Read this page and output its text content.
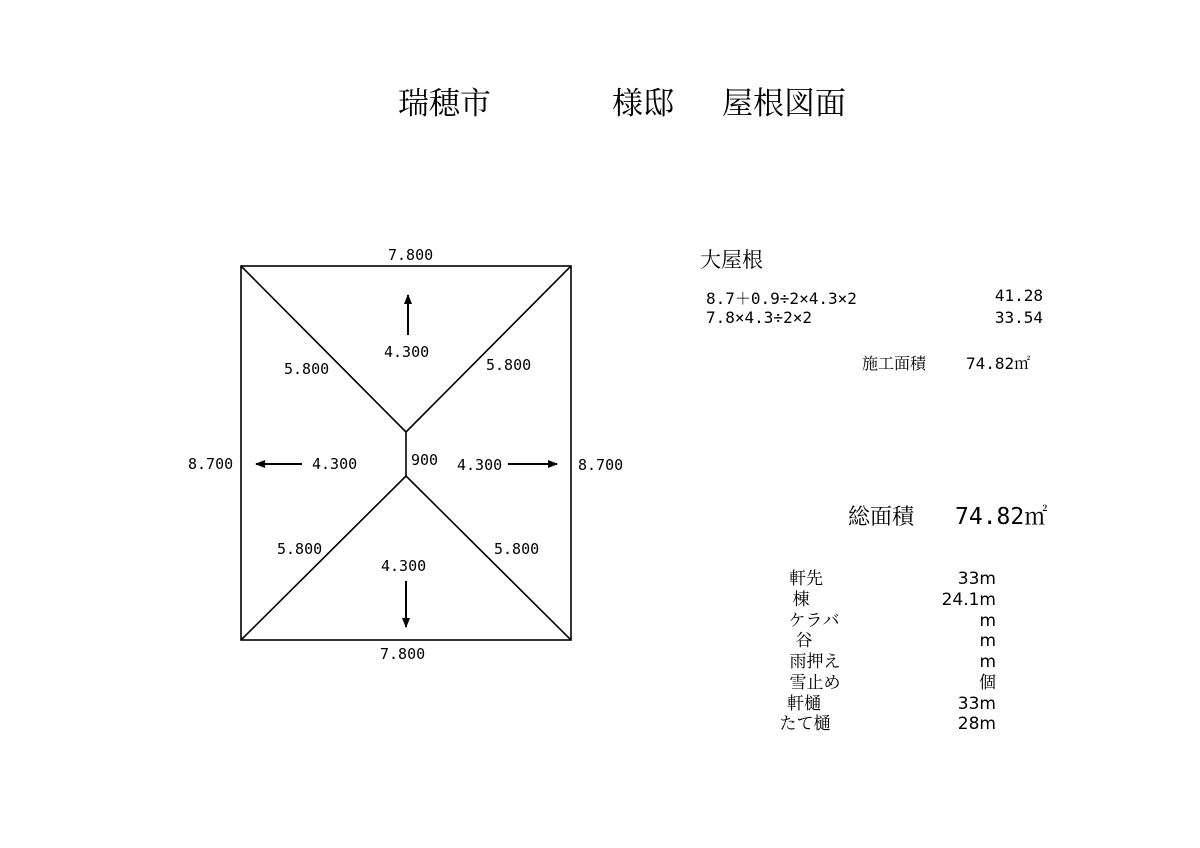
瑞穂市	様邸 屋根図面
7.800
7.800
8.700	8.700
900
5.800	5.800
5.800	5.800
4.300
4.300
4.300	4.300
大屋根
8.7＋0.9÷2×4.3×2	41.28
7.8×4.3÷2×2	33.54
施工面積 74.82㎡
総面積 74.82㎡
軒先	33m
棟	24.1m
ケラバ	m
谷	m
雨押え	m
雪止め	個
軒樋	33m
たて樋	28m
